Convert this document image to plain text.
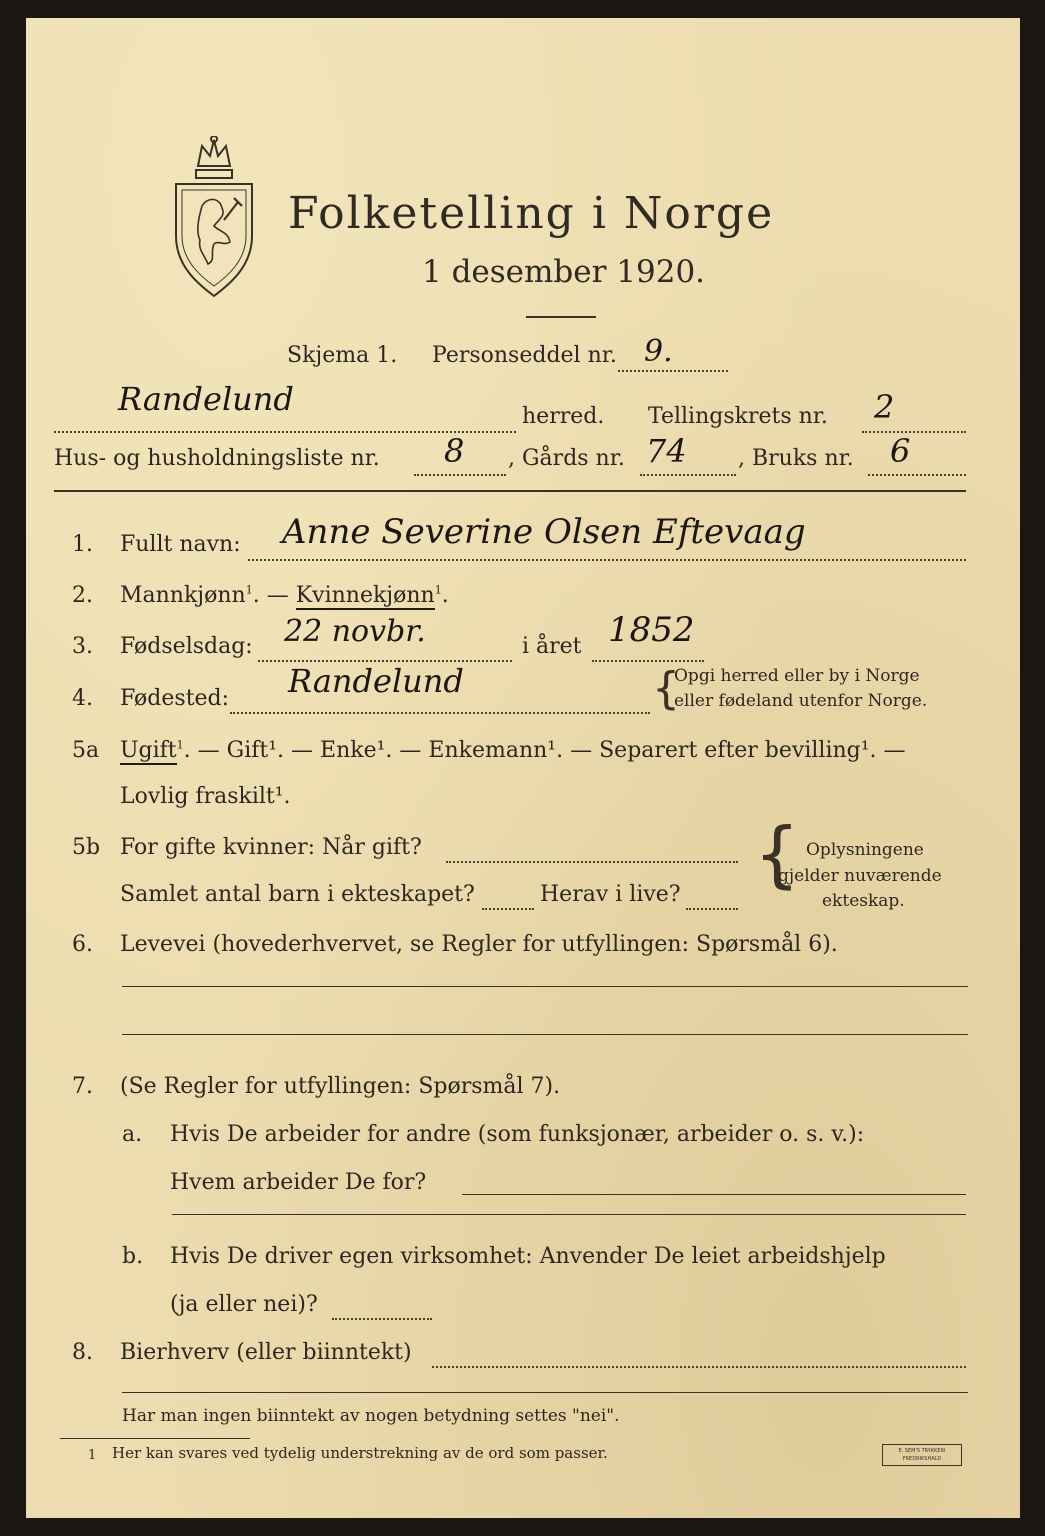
Folketelling i Norge
1 desember 1920.
Skjema 1. Personseddel nr. 9.
Randelund	herred. Tellingskrets nr. 2
Hus- og husholdningsliste nr. 8 , Gårds nr. 74 , Bruks nr. 6
1. Fullt navn: Anne Severine Olsen Eftevaag
2. Mannkjønn$^1$. — Kvinnekjønn$^1$.
3. Fødselsdag: 22 novbr.	i året 1852
4. Fødested: Randelund	{
Opgi herred eller by i Norge
eller fødeland utenfor Norge.
5a Ugift$^1$. — Gift¹. — Enke¹. — Enkemann¹. — Separert efter bevilling¹. —
Lovlig fraskilt¹.
5b For gifte kvinner: Når gift?
Samlet antal barn i ekteskapet?	Herav i live? { Oplysningene
gjelder nuværende
ekteskap.
6. Levevei (hovederhvervet, se Regler for utfyllingen: Spørsmål 6).
7. (Se Regler for utfyllingen: Spørsmål 7).
a. Hvis De arbeider for andre (som funksjonær, arbeider o. s. v.):
Hvem arbeider De for?
b. Hvis De driver egen virksomhet: Anvender De leiet arbeidshjelp
(ja eller nei)?
8. Bierhverv (eller biinntekt)
Har man ingen biinntekt av nogen betydning settes "nei".
1 Her kan svares ved tydelig understrekning av de ord som passer.	E. SEM'S TRYKKERI FREDRIKSHALD
